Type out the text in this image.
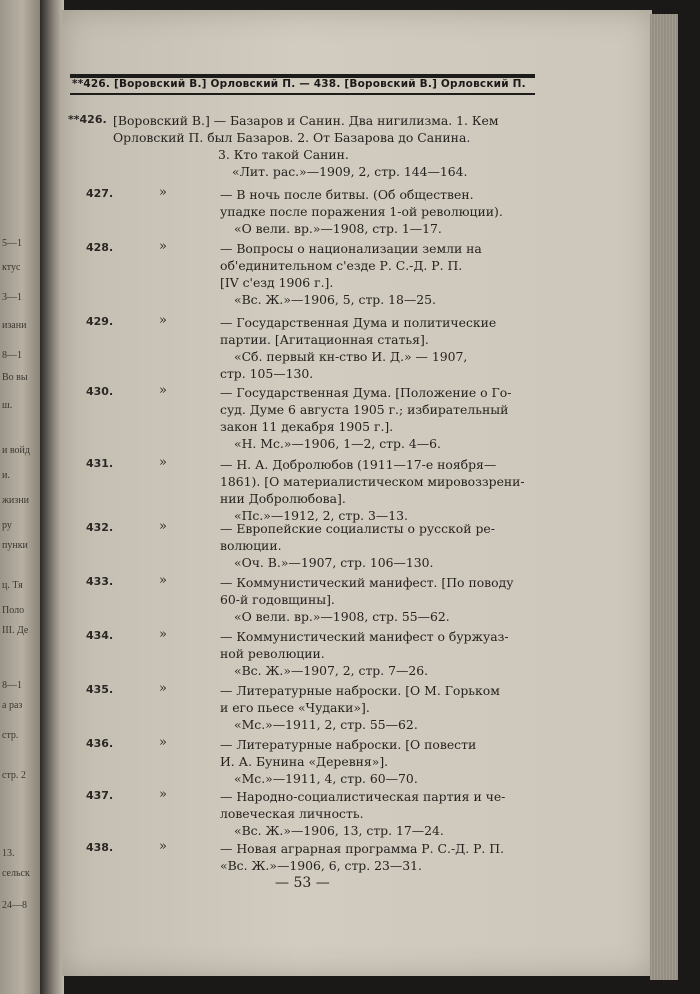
5—1
ктус
3—1
изани
8—1
Во вы
ш.
и войд
и.
жизни
ру
пунки
ц. Тя
Поло
III. Де
8—1
а раз
стр.
стр. 2
13.
сельск
24—8
**426. [Воровский В.] Орловский П. — 438. [Воровский В.] Орловский П.
**426. [Воровский В.] — Базаров и Санин. Два нигилизма. 1. Кем
Орловский П. был Базаров. 2. От Базарова до Санина.
3. Кто такой Санин.
«Лит. рас.»—1909, 2, стр. 144—164.
427.	»	— В ночь после битвы. (Об обществен.
упадке после поражения 1-ой революции).
«О вели. вр.»—1908, стр. 1—17.
428.	»	— Вопросы о национализации земли на
об'единительном с'езде Р. С.-Д. Р. П.
[IV с'езд 1906 г.].
«Вс. Ж.»—1906, 5, стр. 18—25.
429.	»	— Государственная Дума и политические
партии. [Агитационная статья].
«Сб. первый кн-ство И. Д.» — 1907,
стр. 105—130.
430.	»	— Государственная Дума. [Положение о Го-
суд. Думе 6 августа 1905 г.; избирательный
закон 11 декабря 1905 г.].
«Н. Мс.»—1906, 1—2, стр. 4—6.
431.	»	— Н. А. Добролюбов (1911—17-е ноября—
1861). [О материалистическом мировоззрени-
нии Добролюбова].
«Пс.»—1912, 2, стр. 3—13.
432.	»	— Европейские социалисты о русской ре-
волюции.
«Оч. В.»—1907, стр. 106—130.
433.	»	— Коммунистический манифест. [По поводу
60-й годовщины].
«О вели. вр.»—1908, стр. 55—62.
434.	»	— Коммунистический манифест о буржуаз-
ной революции.
«Вс. Ж.»—1907, 2, стр. 7—26.
435.	»	— Литературные наброски. [О М. Горьком
и его пьесе «Чудаки»].
«Мс.»—1911, 2, стр. 55—62.
436.	»	— Литературные наброски. [О повести
И. А. Бунина «Деревня»].
«Мс.»—1911, 4, стр. 60—70.
437.	»	— Народно-социалистическая партия и че-
ловеческая личность.
«Вс. Ж.»—1906, 13, стр. 17—24.
438.	»	— Новая аграрная программа Р. С.-Д. Р. П.
«Вс. Ж.»—1906, 6, стр. 23—31.
— 53 —
